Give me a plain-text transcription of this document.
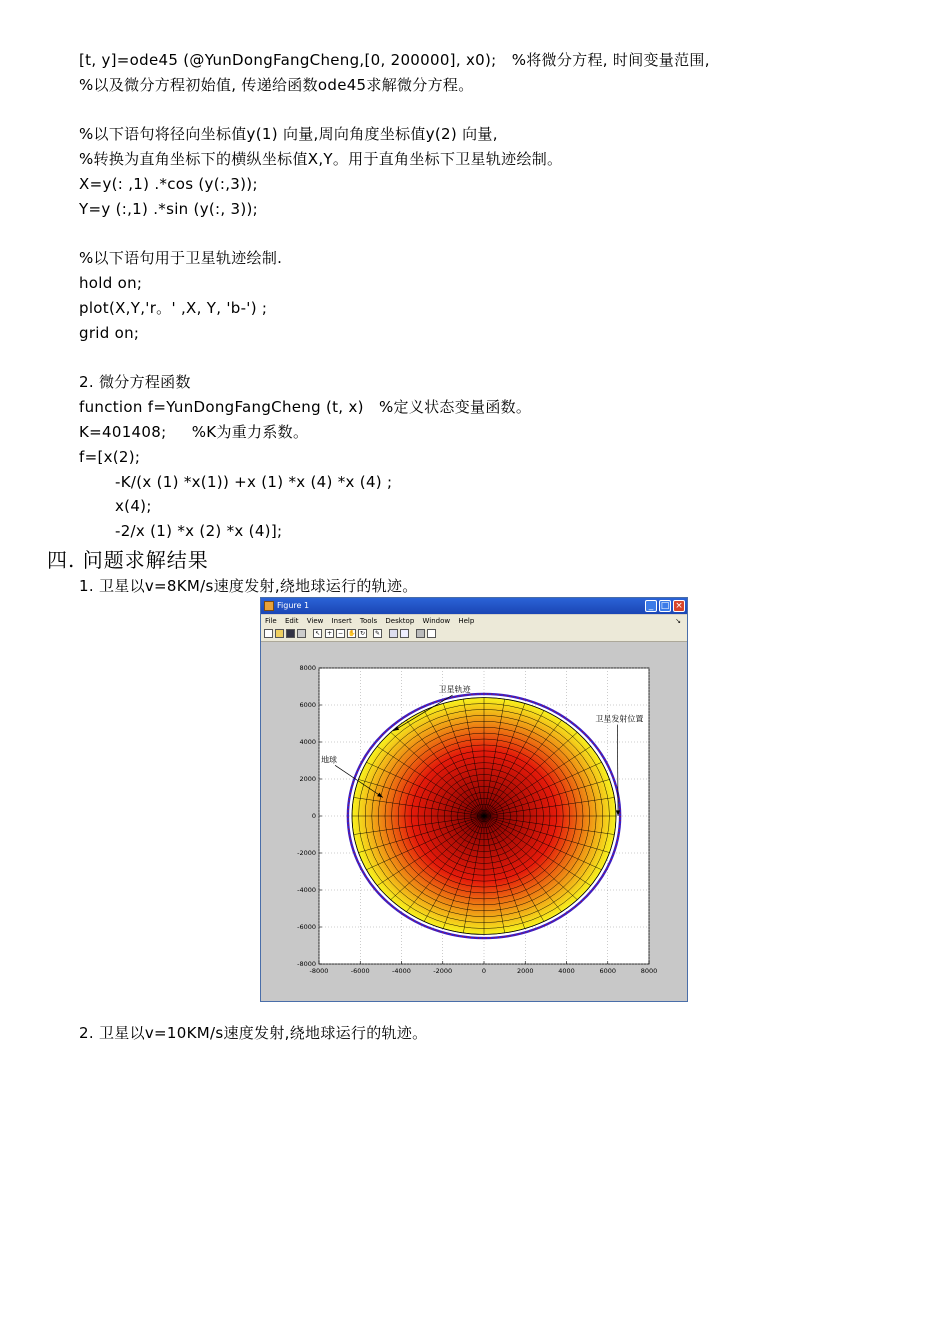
[t, y]=ode45 (@YunDongFangCheng,[0, 200000], x0);   %将微分方程, 时间变量范围,
%以及微分方程初始值, 传递给函数ode45求解微分方程。
%以下语句将径向坐标值y(1) 向量,周向角度坐标值y(2) 向量,
%转换为直角坐标下的横纵坐标值X,Y。用于直角坐标下卫星轨迹绘制。
X=y(: ,1) .*cos (y(:,3));
Y=y (:,1) .*sin (y(:, 3));
%以下语句用于卫星轨迹绘制.
hold on;
plot(X,Y,'r。' ,X, Y, 'b-') ;
grid on;
2. 微分方程函数
function f=YunDongFangCheng (t, x)   %定义状态变量函数。
K=401408;     %K为重力系数。
f=[x(2);
-K/(x (1) *x(1)) +x (1) *x (4) *x (4) ;
x(4);
-2/x (1) *x (2) *x (4)];
四. 问题求解结果
1. 卫星以v=8KM/s速度发射,绕地球运行的轨迹。
Figure 1	_ □ ×
File Edit View Insert Tools Desktop Window Help	↘
↖	+ − ✋ ↻	✎
-8000	-6000	-4000	-2000	0	2000	4000	6000	8000
-8000
-6000
-4000
-2000
0
2000
4000
6000
8000
卫星轨迹
卫星发射位置
地球
2. 卫星以v=10KM/s速度发射,绕地球运行的轨迹。
